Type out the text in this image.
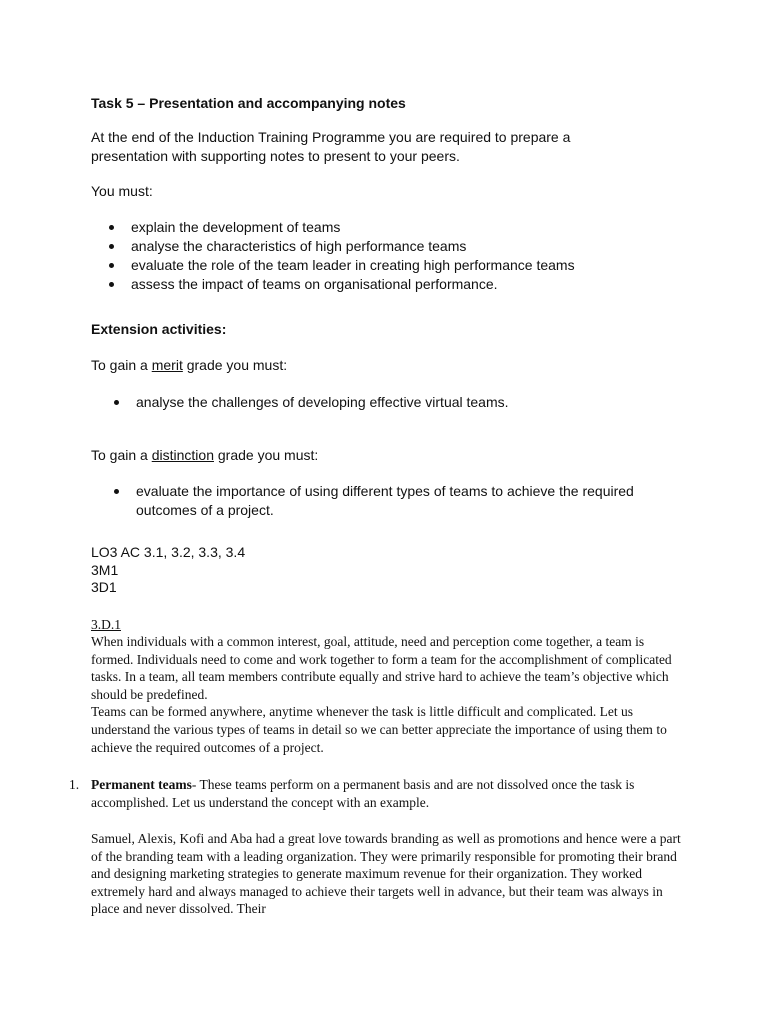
Task 5 – Presentation and accompanying notes
At the end of the Induction Training Programme you are required to prepare a presentation with supporting notes to present to your peers.
You must:
explain the development of teams
analyse the characteristics of high performance teams
evaluate the role of the team leader in creating high performance teams
assess the impact of teams on organisational performance.
Extension activities:
To gain a merit grade you must:
analyse the challenges of developing effective virtual teams.
To gain a distinction grade you must:
evaluate the importance of using different types of teams to achieve the required outcomes of a project.
LO3 AC 3.1, 3.2, 3.3, 3.4
3M1
3D1
3.D.1

When individuals with a common interest, goal, attitude, need and perception come together, a team is formed. Individuals need to come and work together to form a team for the accomplishment of complicated tasks. In a team, all team members contribute equally and strive hard to achieve the team’s objective which should be predefined.

Teams can be formed anywhere, anytime whenever the task is little difficult and complicated. Let us understand the various types of teams in detail so we can better appreciate the importance of using them to achieve the required outcomes of a project.

1. Permanent teams- These teams perform on a permanent basis and are not dissolved once the task is accomplished. Let us understand the concept with an example.
Samuel, Alexis, Kofi and Aba had a great love towards branding as well as promotions and hence were a part of the branding team with a leading organization. They were primarily responsible for promoting their brand and designing marketing strategies to generate maximum revenue for their organization. They worked extremely hard and always managed to achieve their targets well in advance, but their team was always in place and never dissolved. Their
